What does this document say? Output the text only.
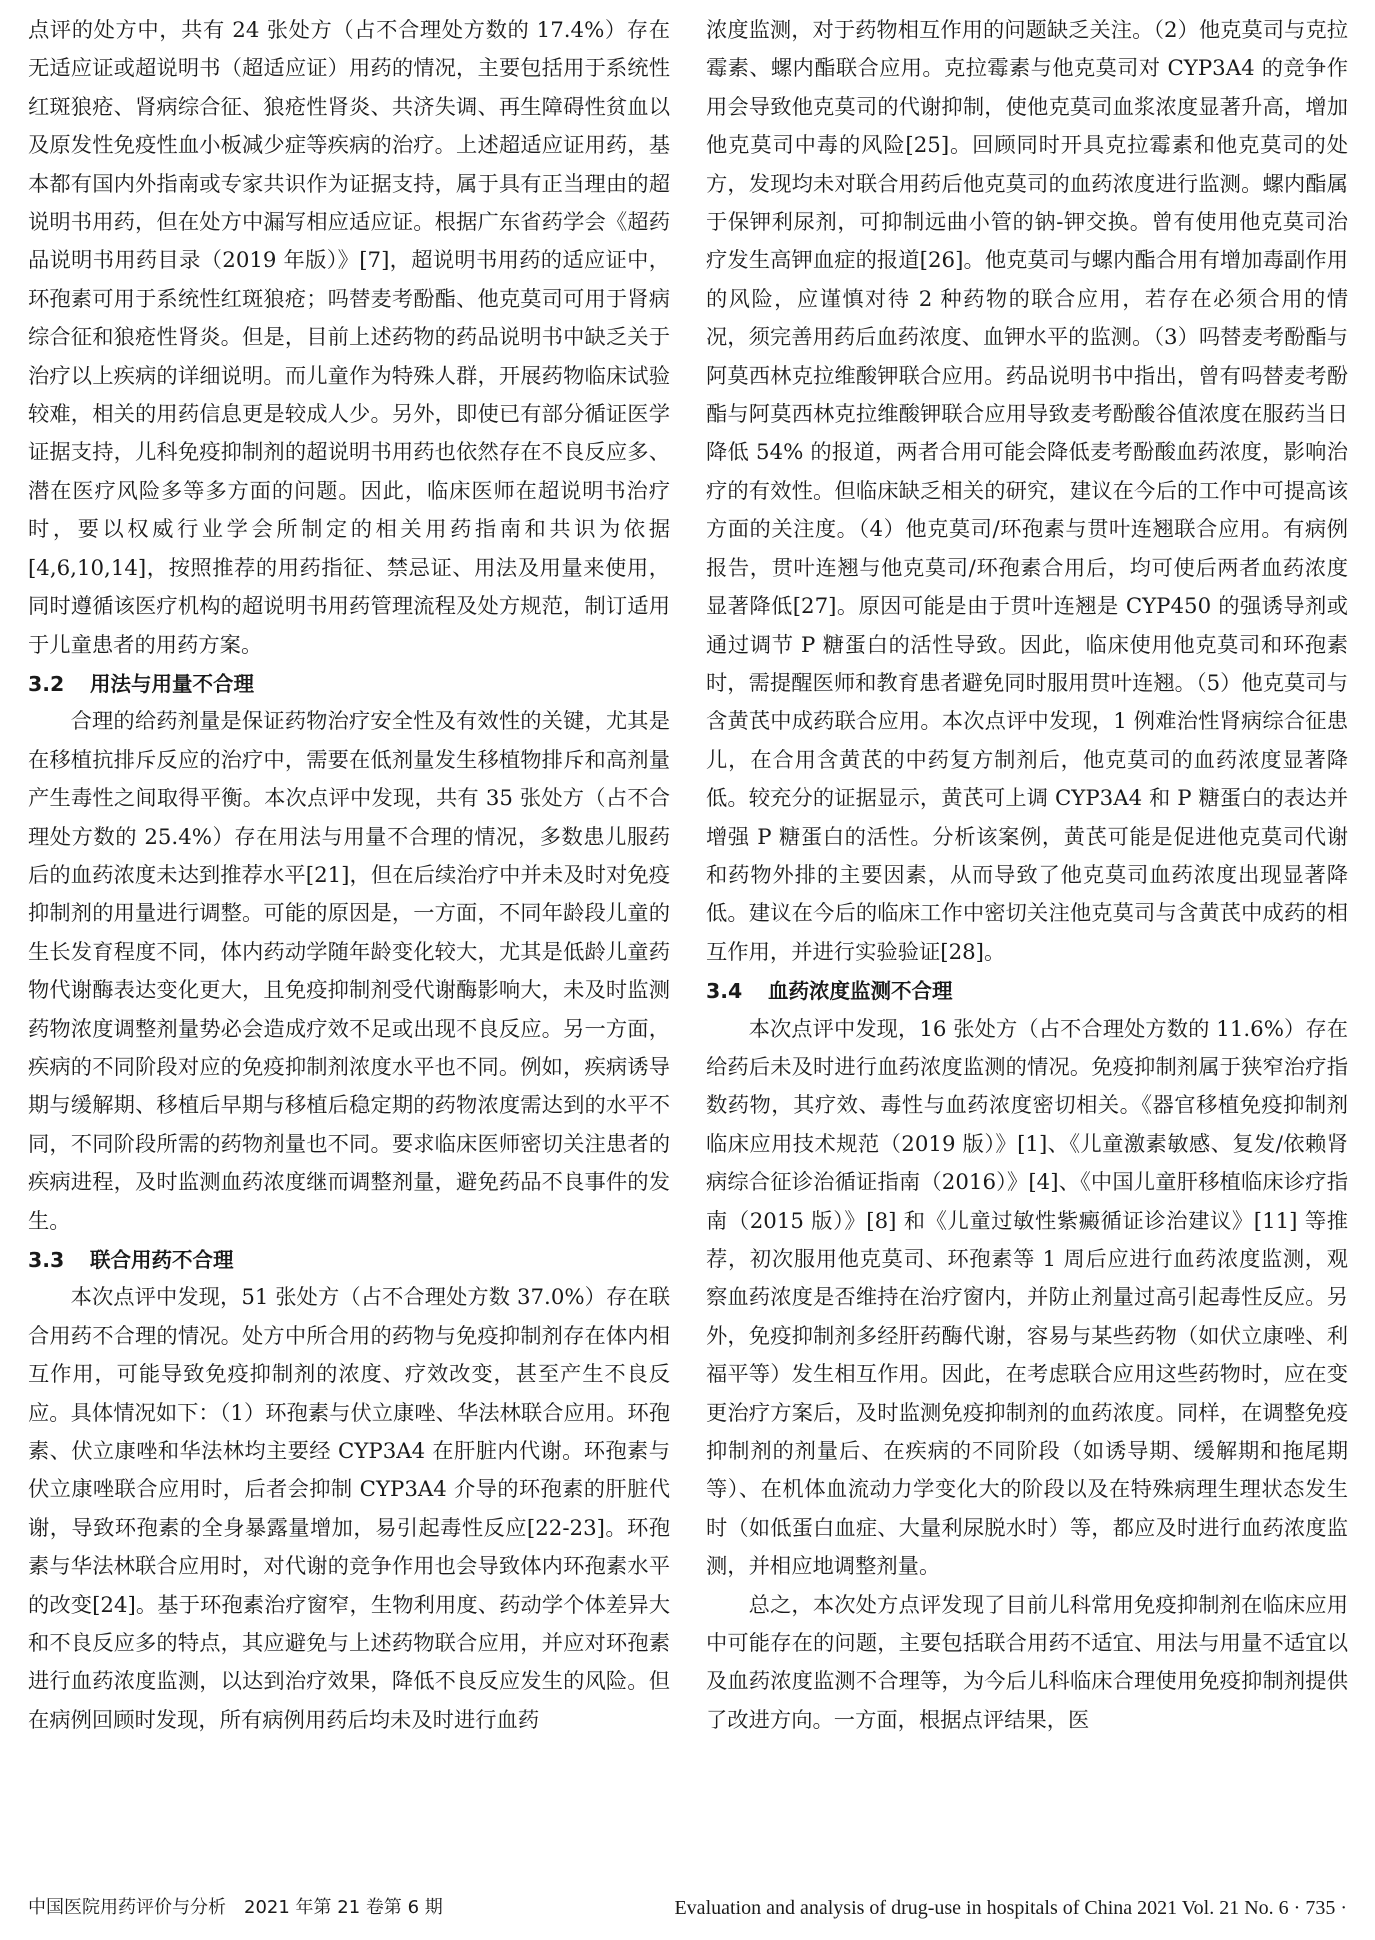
点评的处方中，共有 24 张处方（占不合理处方数的 17.4%）存在无适应证或超说明书（超适应证）用药的情况，主要包括用于系统性红斑狼疮、肾病综合征、狼疮性肾炎、共济失调、再生障碍性贫血以及原发性免疫性血小板减少症等疾病的治疗。上述超适应证用药，基本都有国内外指南或专家共识作为证据支持，属于具有正当理由的超说明书用药，但在处方中漏写相应适应证。根据广东省药学会《超药品说明书用药目录（2019 年版）》[7]，超说明书用药的适应证中，环孢素可用于系统性红斑狼疮；吗替麦考酚酯、他克莫司可用于肾病综合征和狼疮性肾炎。但是，目前上述药物的药品说明书中缺乏关于治疗以上疾病的详细说明。而儿童作为特殊人群，开展药物临床试验较难，相关的用药信息更是较成人少。另外，即使已有部分循证医学证据支持，儿科免疫抑制剂的超说明书用药也依然存在不良反应多、潜在医疗风险多等多方面的问题。因此，临床医师在超说明书治疗时，要以权威行业学会所制定的相关用药指南和共识为依据[4,6,10,14]，按照推荐的用药指征、禁忌证、用法及用量来使用，同时遵循该医疗机构的超说明书用药管理流程及处方规范，制订适用于儿童患者的用药方案。

3.2 用法与用量不合理

合理的给药剂量是保证药物治疗安全性及有效性的关键，尤其是在移植抗排斥反应的治疗中，需要在低剂量发生移植物排斥和高剂量产生毒性之间取得平衡。本次点评中发现，共有 35 张处方（占不合理处方数的 25.4%）存在用法与用量不合理的情况，多数患儿服药后的血药浓度未达到推荐水平[21]，但在后续治疗中并未及时对免疫抑制剂的用量进行调整。可能的原因是，一方面，不同年龄段儿童的生长发育程度不同，体内药动学随年龄变化较大，尤其是低龄儿童药物代谢酶表达变化更大，且免疫抑制剂受代谢酶影响大，未及时监测药物浓度调整剂量势必会造成疗效不足或出现不良反应。另一方面，疾病的不同阶段对应的免疫抑制剂浓度水平也不同。例如，疾病诱导期与缓解期、移植后早期与移植后稳定期的药物浓度需达到的水平不同，不同阶段所需的药物剂量也不同。要求临床医师密切关注患者的疾病进程，及时监测血药浓度继而调整剂量，避免药品不良事件的发生。

3.3 联合用药不合理

本次点评中发现，51 张处方（占不合理处方数 37.0%）存在联合用药不合理的情况。处方中所合用的药物与免疫抑制剂存在体内相互作用，可能导致免疫抑制剂的浓度、疗效改变，甚至产生不良反应。具体情况如下：（1）环孢素与伏立康唑、华法林联合应用。环孢素、伏立康唑和华法林均主要经 CYP3A4 在肝脏内代谢。环孢素与伏立康唑联合应用时，后者会抑制 CYP3A4 介导的环孢素的肝脏代谢，导致环孢素的全身暴露量增加，易引起毒性反应[22-23]。环孢素与华法林联合应用时，对代谢的竞争作用也会导致体内环孢素水平的改变[24]。基于环孢素治疗窗窄，生物利用度、药动学个体差异大和不良反应多的特点，其应避免与上述药物联合应用，并应对环孢素进行血药浓度监测，以达到治疗效果，降低不良反应发生的风险。但在病例回顾时发现，所有病例用药后均未及时进行血药

浓度监测，对于药物相互作用的问题缺乏关注。（2）他克莫司与克拉霉素、螺内酯联合应用。克拉霉素与他克莫司对 CYP3A4 的竞争作用会导致他克莫司的代谢抑制，使他克莫司血浆浓度显著升高，增加他克莫司中毒的风险[25]。回顾同时开具克拉霉素和他克莫司的处方，发现均未对联合用药后他克莫司的血药浓度进行监测。螺内酯属于保钾利尿剂，可抑制远曲小管的钠-钾交换。曾有使用他克莫司治疗发生高钾血症的报道[26]。他克莫司与螺内酯合用有增加毒副作用的风险，应谨慎对待 2 种药物的联合应用，若存在必须合用的情况，须完善用药后血药浓度、血钾水平的监测。（3）吗替麦考酚酯与阿莫西林克拉维酸钾联合应用。药品说明书中指出，曾有吗替麦考酚酯与阿莫西林克拉维酸钾联合应用导致麦考酚酸谷值浓度在服药当日降低 54% 的报道，两者合用可能会降低麦考酚酸血药浓度，影响治疗的有效性。但临床缺乏相关的研究，建议在今后的工作中可提高该方面的关注度。（4）他克莫司/环孢素与贯叶连翘联合应用。有病例报告，贯叶连翘与他克莫司/环孢素合用后，均可使后两者血药浓度显著降低[27]。原因可能是由于贯叶连翘是 CYP450 的强诱导剂或通过调节 P 糖蛋白的活性导致。因此，临床使用他克莫司和环孢素时，需提醒医师和教育患者避免同时服用贯叶连翘。（5）他克莫司与含黄芪中成药联合应用。本次点评中发现，1 例难治性肾病综合征患儿，在合用含黄芪的中药复方制剂后，他克莫司的血药浓度显著降低。较充分的证据显示，黄芪可上调 CYP3A4 和 P 糖蛋白的表达并增强 P 糖蛋白的活性。分析该案例，黄芪可能是促进他克莫司代谢和药物外排的主要因素，从而导致了他克莫司血药浓度出现显著降低。建议在今后的临床工作中密切关注他克莫司与含黄芪中成药的相互作用，并进行实验验证[28]。

3.4 血药浓度监测不合理

本次点评中发现，16 张处方（占不合理处方数的 11.6%）存在给药后未及时进行血药浓度监测的情况。免疫抑制剂属于狭窄治疗指数药物，其疗效、毒性与血药浓度密切相关。《器官移植免疫抑制剂临床应用技术规范（2019 版）》[1]、《儿童激素敏感、复发/依赖肾病综合征诊治循证指南（2016）》[4]、《中国儿童肝移植临床诊疗指南（2015 版）》[8] 和《儿童过敏性紫癜循证诊治建议》[11] 等推荐，初次服用他克莫司、环孢素等 1 周后应进行血药浓度监测，观察血药浓度是否维持在治疗窗内，并防止剂量过高引起毒性反应。另外，免疫抑制剂多经肝药酶代谢，容易与某些药物（如伏立康唑、利福平等）发生相互作用。因此，在考虑联合应用这些药物时，应在变更治疗方案后，及时监测免疫抑制剂的血药浓度。同样，在调整免疫抑制剂的剂量后、在疾病的不同阶段（如诱导期、缓解期和拖尾期等）、在机体血流动力学变化大的阶段以及在特殊病理生理状态发生时（如低蛋白血症、大量利尿脱水时）等，都应及时进行血药浓度监测，并相应地调整剂量。

总之，本次处方点评发现了目前儿科常用免疫抑制剂在临床应用中可能存在的问题，主要包括联合用药不适宜、用法与用量不适宜以及血药浓度监测不合理等，为今后儿科临床合理使用免疫抑制剂提供了改进方向。一方面，根据点评结果，医

中国医院用药评价与分析　2021 年第 21 卷第 6 期	Evaluation and analysis of drug-use in hospitals of China 2021 Vol. 21 No. 6 · 735 ·
